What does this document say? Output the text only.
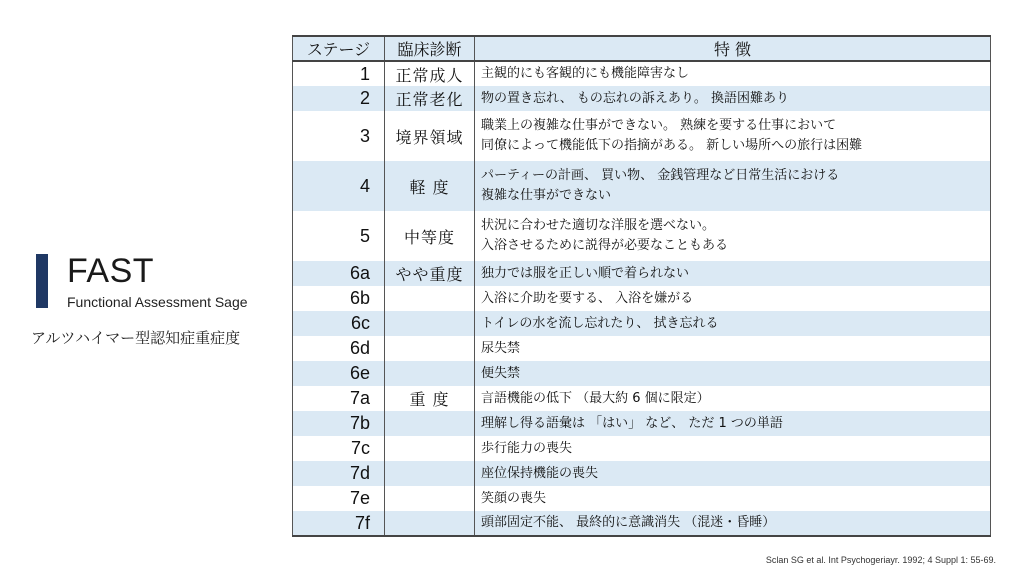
FAST
Functional Assessment Sage
アルツハイマー型認知症重症度
ステージ	臨床診断	特 徴
1	正常成人	主観的にも客観的にも機能障害なし

2	正常老化	物の置き忘れ、 もの忘れの訴えあり。 換語困難あり

3	境界領域	職業上の複雑な仕事ができない。 熟練を要する仕事において
同僚によって機能低下の指摘がある。 新しい場所への旅行は困難

4	軽 度	パーティーの計画、 買い物、 金銭管理など日常生活における
複雑な仕事ができない

5	中等度	状況に合わせた適切な洋服を選べない。
入浴させるために説得が必要なこともある

6a	やや重度	独力では服を正しい順で着られない

6b		入浴に介助を要する、 入浴を嫌がる

6c		トイレの水を流し忘れたり、 拭き忘れる

6d		尿失禁

6e		便失禁

7a	重 度	言語機能の低下 （最大約 6 個に限定）

7b		理解し得る語彙は 「はい」 など、 ただ 1 つの単語

7c		歩行能力の喪失

7d		座位保持機能の喪失

7e		笑顔の喪失

7f		頭部固定不能、 最終的に意識消失 （混迷・昏睡）
Sclan SG et al. Int Psychogeriayr. 1992; 4 Suppl 1: 55-69.
